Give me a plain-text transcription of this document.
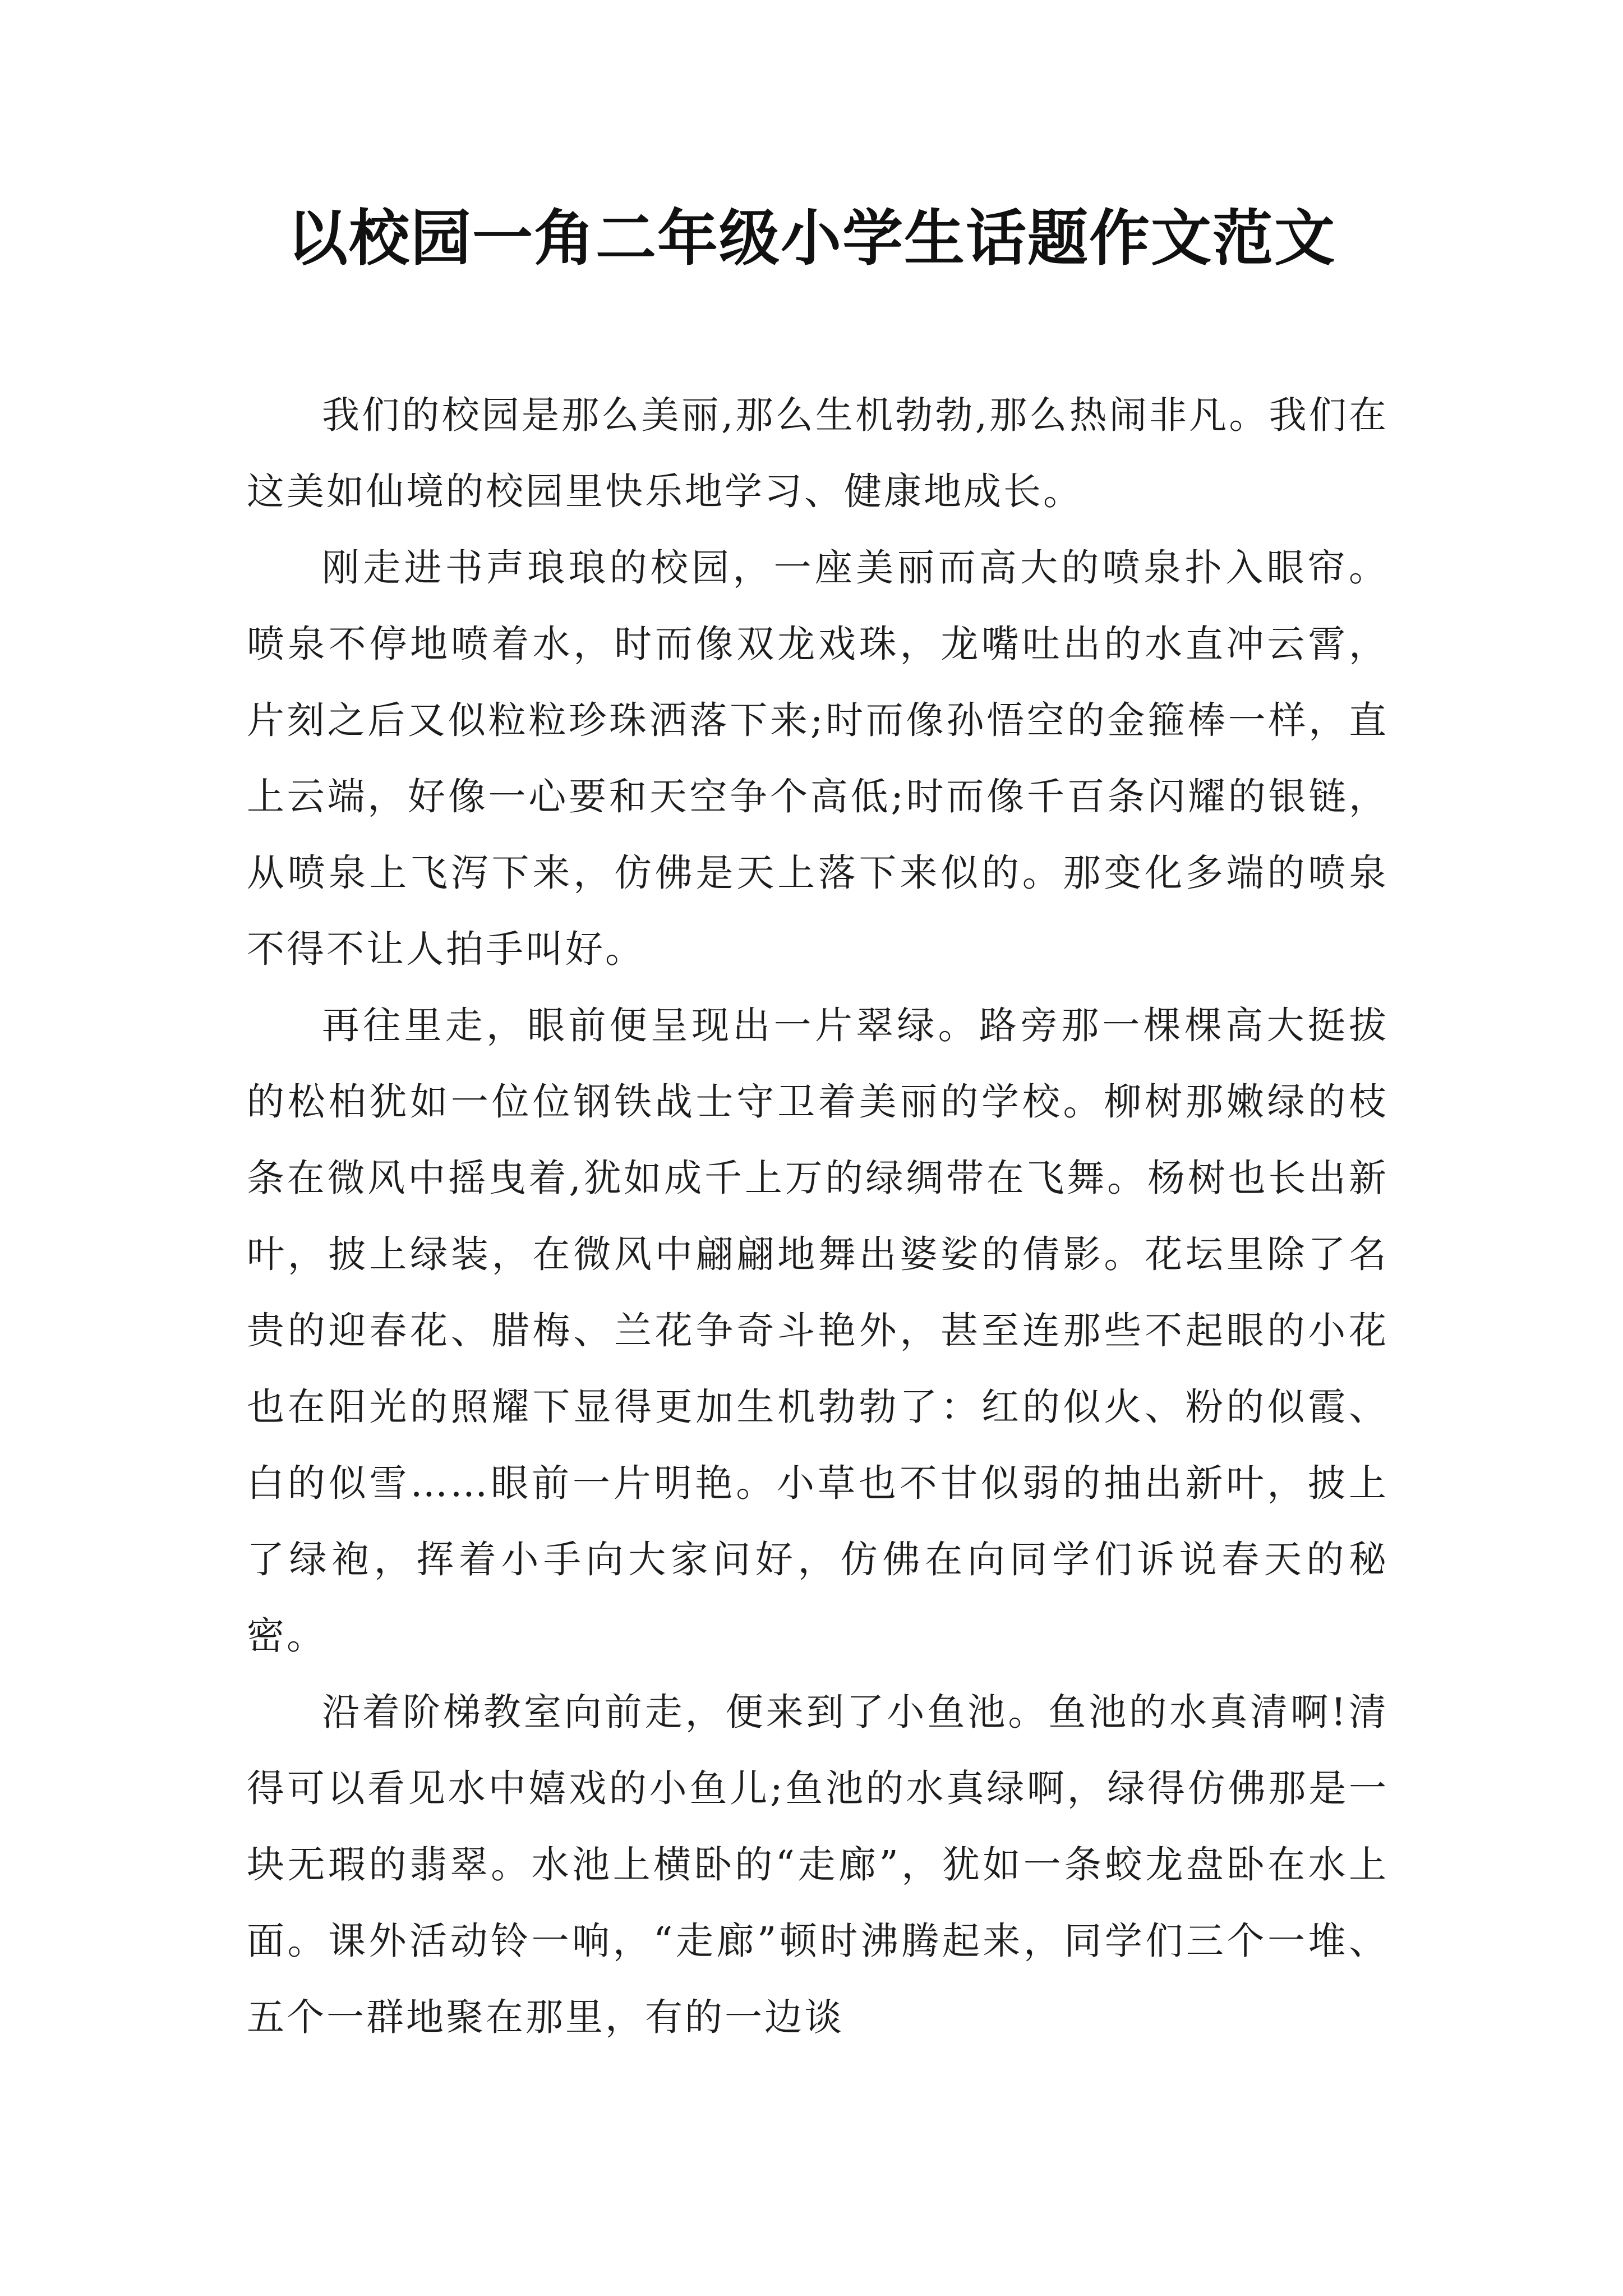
以校园一角二年级小学生话题作文范文

我们的校园是那么美丽,那么生机勃勃,那么热闹非凡。我们在这美如仙境的校园里快乐地学习、健康地成长。

刚走进书声琅琅的校园，一座美丽而高大的喷泉扑入眼帘。喷泉不停地喷着水，时而像双龙戏珠，龙嘴吐出的水直冲云霄，片刻之后又似粒粒珍珠洒落下来;时而像孙悟空的金箍棒一样，直上云端，好像一心要和天空争个高低;时而像千百条闪耀的银链，从喷泉上飞泻下来，仿佛是天上落下来似的。那变化多端的喷泉不得不让人拍手叫好。

再往里走，眼前便呈现出一片翠绿。路旁那一棵棵高大挺拔的松柏犹如一位位钢铁战士守卫着美丽的学校。柳树那嫩绿的枝条在微风中摇曳着,犹如成千上万的绿绸带在飞舞。杨树也长出新叶，披上绿装，在微风中翩翩地舞出婆娑的倩影。花坛里除了名贵的迎春花、腊梅、兰花争奇斗艳外，甚至连那些不起眼的小花也在阳光的照耀下显得更加生机勃勃了：红的似火、粉的似霞、白的似雪……眼前一片明艳。小草也不甘似弱的抽出新叶，披上了绿袍，挥着小手向大家问好，仿佛在向同学们诉说春天的秘密。

沿着阶梯教室向前走，便来到了小鱼池。鱼池的水真清啊!清得可以看见水中嬉戏的小鱼儿;鱼池的水真绿啊，绿得仿佛那是一块无瑕的翡翠。水池上横卧的“走廊”，犹如一条蛟龙盘卧在水上面。课外活动铃一响，“走廊”顿时沸腾起来，同学们三个一堆、五个一群地聚在那里，有的一边谈
